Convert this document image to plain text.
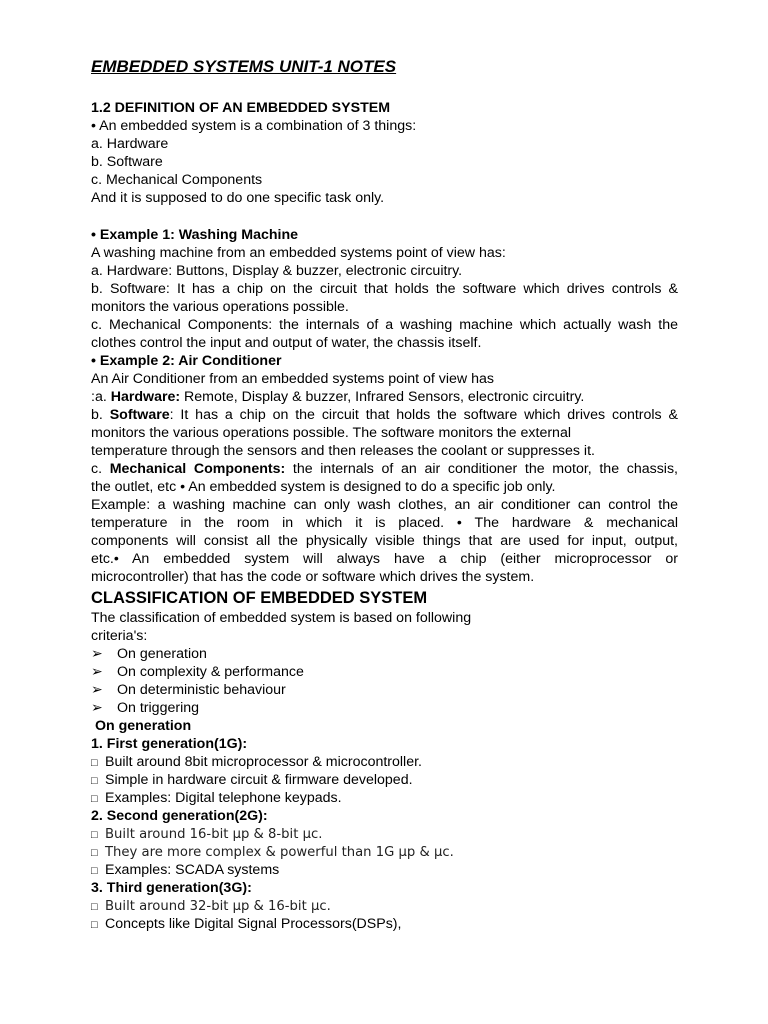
EMBEDDED SYSTEMS UNIT-1 NOTES
1.2 DEFINITION OF AN EMBEDDED SYSTEM
• An embedded system is a combination of 3 things:
a. Hardware
b. Software
c. Mechanical Components
And it is supposed to do one specific task only.
• Example 1: Washing Machine
A washing machine from an embedded systems point of view has:
a. Hardware: Buttons, Display & buzzer, electronic circuitry.
b. Software: It has a chip on the circuit that holds the software which drives controls &
monitors the various operations possible.
c. Mechanical Components: the internals of a washing machine which actually wash the
clothes control the input and output of water, the chassis itself.
• Example 2: Air Conditioner
An Air Conditioner from an embedded systems point of view has
:a. Hardware: Remote, Display & buzzer, Infrared Sensors, electronic circuitry.
b. Software: It has a chip on the circuit that holds the software which drives controls &
monitors the various operations possible. The software monitors the external
temperature through the sensors and then releases the coolant or suppresses it.
c. Mechanical Components: the internals of an air conditioner the motor, the chassis,
the outlet, etc • An embedded system is designed to do a specific job only.
Example: a washing machine can only wash clothes, an air conditioner can control the
temperature in the room in which it is placed. • The hardware & mechanical
components will consist all the physically visible things that are used for input, output,
etc.• An embedded system will always have a chip (either microprocessor or
microcontroller) that has the code or software which drives the system.
CLASSIFICATION OF EMBEDDED SYSTEM
The classification of embedded system is based on following
criteria's:
➢ On generation
➢ On complexity & performance
➢ On deterministic behaviour
➢ On triggering
On generation
1. First generation(1G):
□ Built around 8bit microprocessor & microcontroller.
□ Simple in hardware circuit & firmware developed.
□ Examples: Digital telephone keypads.
2. Second generation(2G):
□ Built around 16-bit µp & 8-bit µc.
□ They are more complex & powerful than 1G µp & µc.
□ Examples: SCADA systems
3. Third generation(3G):
□ Built around 32-bit µp & 16-bit µc.
□ Concepts like Digital Signal Processors(DSPs),
